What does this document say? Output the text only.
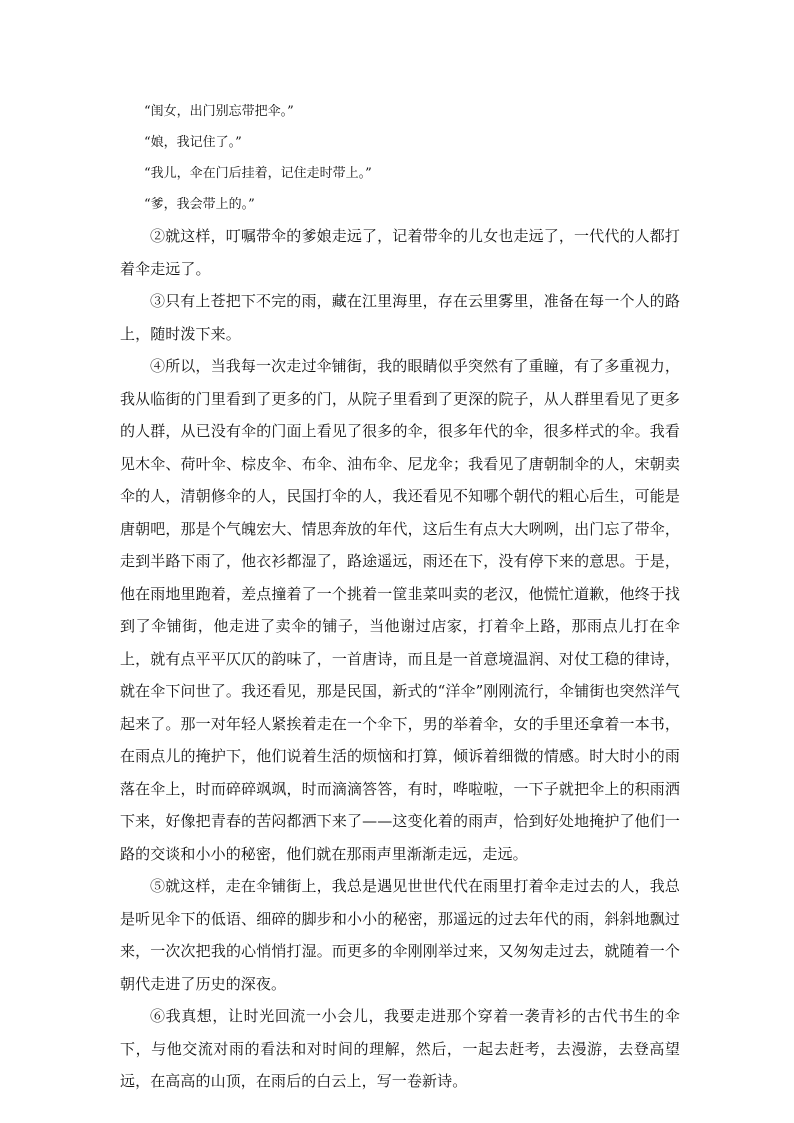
“闺女，出门别忘带把伞。”

“娘，我记住了。”

“我儿，伞在门后挂着，记住走时带上。”

“爹，我会带上的。”

②就这样，叮嘱带伞的爹娘走远了，记着带伞的儿女也走远了，一代代的人都打着伞走远了。

③只有上苍把下不完的雨，藏在江里海里，存在云里雾里，准备在每一个人的路上，随时泼下来。

④所以，当我每一次走过伞铺街，我的眼睛似乎突然有了重瞳，有了多重视力，我从临街的门里看到了更多的门，从院子里看到了更深的院子，从人群里看见了更多的人群，从已没有伞的门面上看见了很多的伞，很多年代的伞，很多样式的伞。我看见木伞、荷叶伞、棕皮伞、布伞、油布伞、尼龙伞；我看见了唐朝制伞的人，宋朝卖伞的人，清朝修伞的人，民国打伞的人，我还看见不知哪个朝代的粗心后生，可能是唐朝吧，那是个气魄宏大、情思奔放的年代，这后生有点大大咧咧，出门忘了带伞，走到半路下雨了，他衣衫都湿了，路途遥远，雨还在下，没有停下来的意思。于是，他在雨地里跑着，差点撞着了一个挑着一筐韭菜叫卖的老汉，他慌忙道歉，他终于找到了伞铺街，他走进了卖伞的铺子，当他谢过店家，打着伞上路，那雨点儿打在伞上，就有点平平仄仄的韵味了，一首唐诗，而且是一首意境温润、对仗工稳的律诗，就在伞下问世了。我还看见，那是民国，新式的“洋伞”刚刚流行，伞铺街也突然洋气起来了。那一对年轻人紧挨着走在一个伞下，男的举着伞，女的手里还拿着一本书，在雨点儿的掩护下，他们说着生活的烦恼和打算，倾诉着细微的情感。时大时小的雨落在伞上，时而碎碎飒飒，时而滴滴答答，有时，哗啦啦，一下子就把伞上的积雨洒下来，好像把青春的苦闷都洒下来了——这变化着的雨声，恰到好处地掩护了他们一路的交谈和小小的秘密，他们就在那雨声里渐渐走远，走远。

⑤就这样，走在伞铺街上，我总是遇见世世代代在雨里打着伞走过去的人，我总是听见伞下的低语、细碎的脚步和小小的秘密，那遥远的过去年代的雨，斜斜地飘过来，一次次把我的心悄悄打湿。而更多的伞刚刚举过来，又匆匆走过去，就随着一个朝代走进了历史的深夜。

⑥我真想，让时光回流一小会儿，我要走进那个穿着一袭青衫的古代书生的伞下，与他交流对雨的看法和对时间的理解，然后，一起去赶考，去漫游，去登高望远，在高高的山顶，在雨后的白云上，写一卷新诗。
